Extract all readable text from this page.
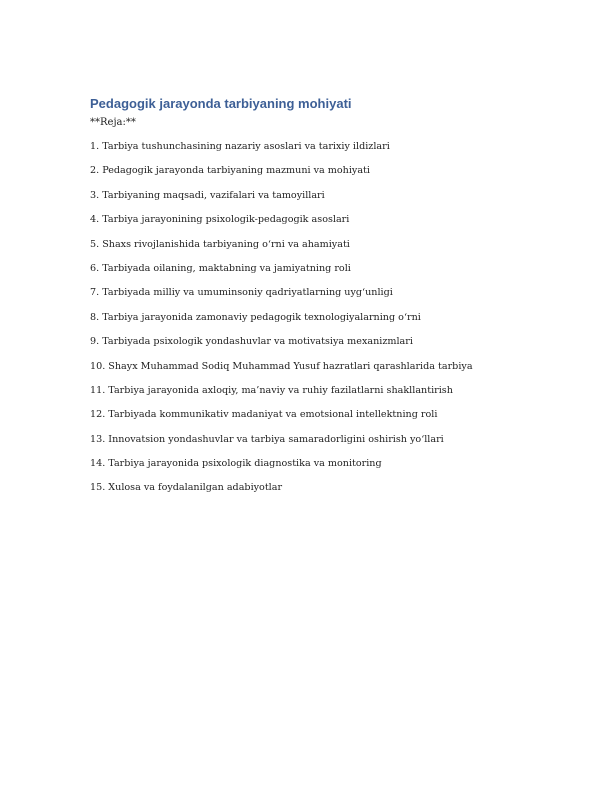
Pedagogik jarayonda tarbiyaning mohiyati
**Reja:**
1. Tarbiya tushunchasining nazariy asoslari va tarixiy ildizlari
2. Pedagogik jarayonda tarbiyaning mazmuni va mohiyati
3. Tarbiyaning maqsadi, vazifalari va tamoyillari
4. Tarbiya jarayonining psixologik-pedagogik asoslari
5. Shaxs rivojlanishida tarbiyaning o‘rni va ahamiyati
6. Tarbiyada oilaning, maktabning va jamiyatning roli
7. Tarbiyada milliy va umuminsoniy qadriyatlarning uyg‘unligi
8. Tarbiya jarayonida zamonaviy pedagogik texnologiyalarning o‘rni
9. Tarbiyada psixologik yondashuvlar va motivatsiya mexanizmlari
10. Shayx Muhammad Sodiq Muhammad Yusuf hazratlari qarashlarida tarbiya
11. Tarbiya jarayonida axloqiy, ma’naviy va ruhiy fazilatlarni shakllantirish
12. Tarbiyada kommunikativ madaniyat va emotsional intellektning roli
13. Innovatsion yondashuvlar va tarbiya samaradorligini oshirish yo‘llari
14. Tarbiya jarayonida psixologik diagnostika va monitoring
15. Xulosa va foydalanilgan adabiyotlar
